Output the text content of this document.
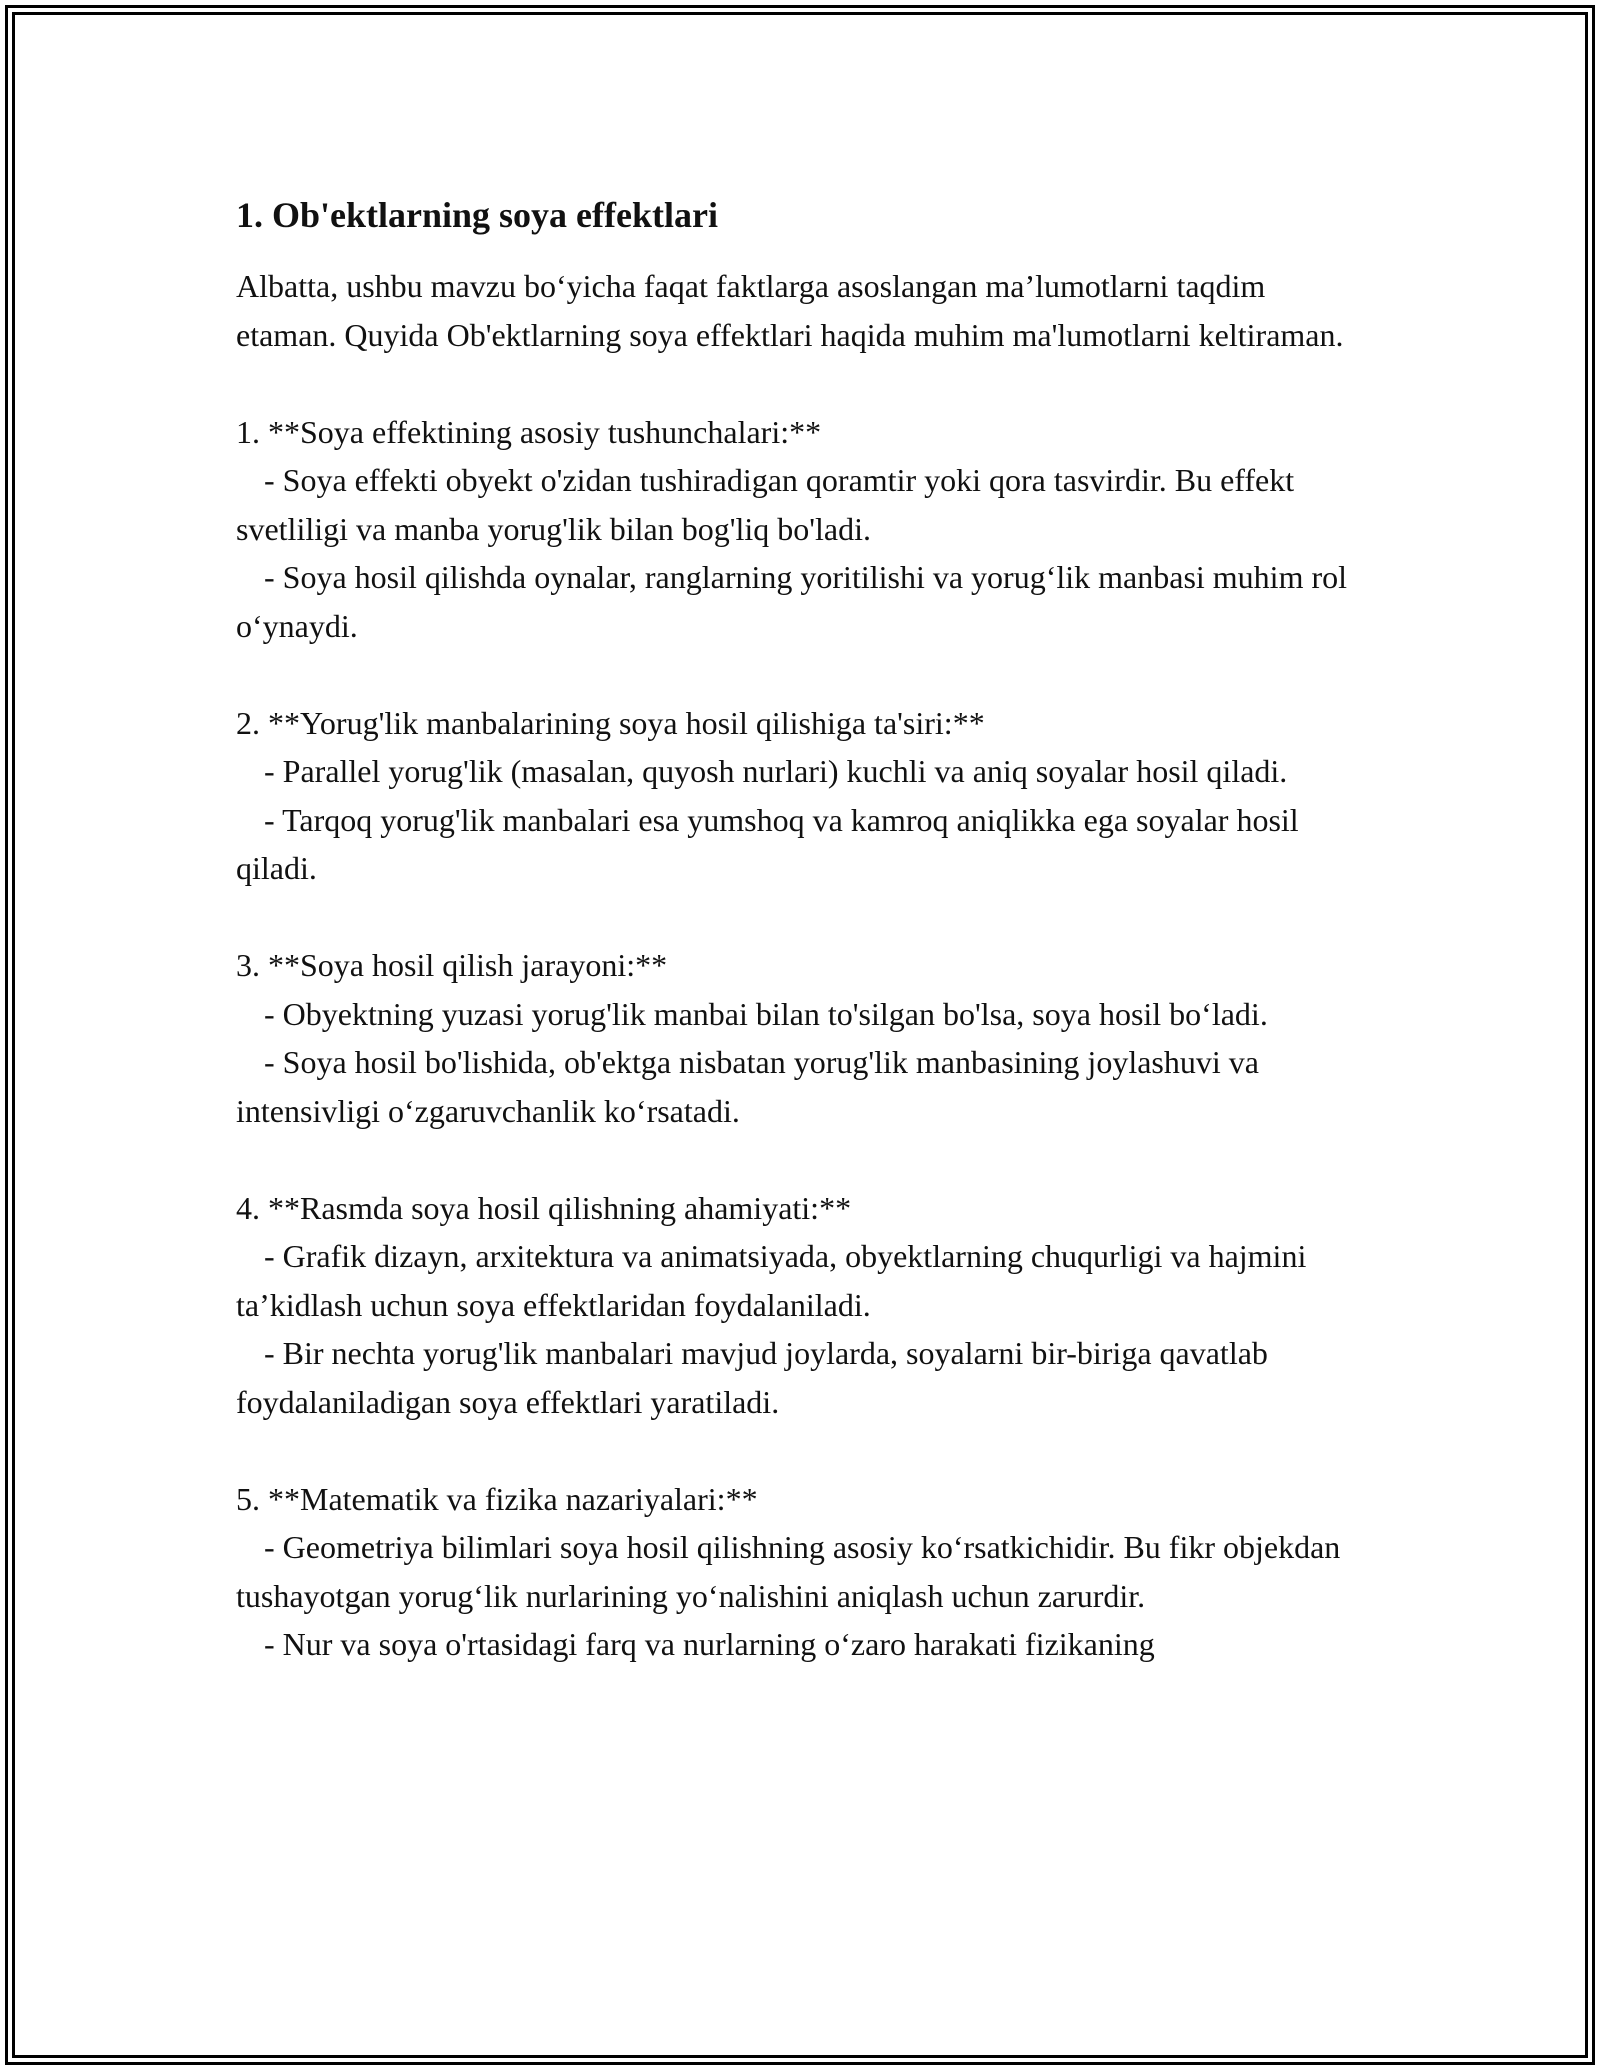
1. Ob'ektlarning soya effektlari

Albatta, ushbu mavzu bo‘yicha faqat faktlarga asoslangan ma’lumotlarni taqdim etaman. Quyida Ob'ektlarning soya effektlari haqida muhim ma'lumotlarni keltiraman.

1. **Soya effektining asosiy tushunchalari:**
- Soya effekti obyekt o'zidan tushiradigan qoramtir yoki qora tasvirdir. Bu effekt svetliligi va manba yorug'lik bilan bog'liq bo'ladi.
- Soya hosil qilishda oynalar, ranglarning yoritilishi va yorug‘lik manbasi muhim rol o‘ynaydi.
2. **Yorug'lik manbalarining soya hosil qilishiga ta'siri:**
- Parallel yorug'lik (masalan, quyosh nurlari) kuchli va aniq soyalar hosil qiladi.
- Tarqoq yorug'lik manbalari esa yumshoq va kamroq aniqlikka ega soyalar hosil qiladi.
3. **Soya hosil qilish jarayoni:**
- Obyektning yuzasi yorug'lik manbai bilan to'silgan bo'lsa, soya hosil bo‘ladi.
- Soya hosil bo'lishida, ob'ektga nisbatan yorug'lik manbasining joylashuvi va intensivligi o‘zgaruvchanlik ko‘rsatadi.
4. **Rasmda soya hosil qilishning ahamiyati:**
- Grafik dizayn, arxitektura va animatsiyada, obyektlarning chuqurligi va hajmini ta’kidlash uchun soya effektlaridan foydalaniladi.
- Bir nechta yorug'lik manbalari mavjud joylarda, soyalarni bir-biriga qavatlab foydalaniladigan soya effektlari yaratiladi.
5. **Matematik va fizika nazariyalari:**
- Geometriya bilimlari soya hosil qilishning asosiy ko‘rsatkichidir. Bu fikr objekdan tushayotgan yorug‘lik nurlarining yo‘nalishini aniqlash uchun zarurdir.
- Nur va soya o'rtasidagi farq va nurlarning o‘zaro harakati fizikaning
